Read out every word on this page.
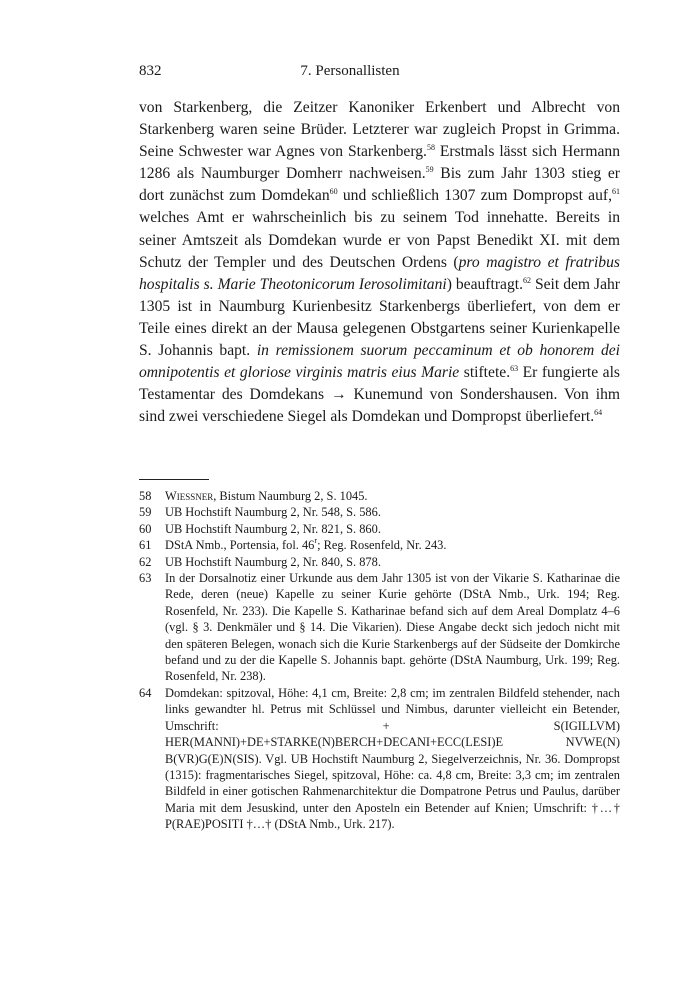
832	7. Personallisten

von Starkenberg, die Zeitzer Kanoniker Erkenbert und Albrecht von Starkenberg waren seine Brüder. Letzterer war zugleich Propst in Grimma. Seine Schwester war Agnes von Starkenberg.$^{58}$ Erstmals lässt sich Hermann 1286 als Naumburger Domherr nachweisen.$^{59}$ Bis zum Jahr 1303 stieg er dort zunächst zum Domdekan$^{60}$ und schließlich 1307 zum Dompropst auf,$^{61}$ welches Amt er wahrscheinlich bis zu seinem Tod innehatte. Bereits in seiner Amtszeit als Domdekan wurde er von Papst Benedikt XI. mit dem Schutz der Templer und des Deutschen Ordens (pro magistro et fratribus hospitalis s. Marie Theotonicorum Ierosolimitani) beauftragt.$^{62}$ Seit dem Jahr 1305 ist in Naumburg Kurienbesitz Starkenbergs überliefert, von dem er Teile eines direkt an der Mausa gelegenen Obstgartens seiner Kurienkapelle S. Johannis bapt. in remissionem suorum peccaminum et ob honorem dei omnipotentis et gloriose virginis matris eius Marie stiftete.$^{63}$ Er fungierte als Testamentar des Domdekans → Kunemund von Sondershausen. Von ihm sind zwei verschiedene Siegel als Domdekan und Dompropst überliefert.$^{64}$

58 Wiessner, Bistum Naumburg 2, S. 1045.
59 UB Hochstift Naumburg 2, Nr. 548, S. 586.
60 UB Hochstift Naumburg 2, Nr. 821, S. 860.
61 DStA Nmb., Portensia, fol. 46$^r$; Reg. Rosenfeld, Nr. 243.
62 UB Hochstift Naumburg 2, Nr. 840, S. 878.
63 In der Dorsalnotiz einer Urkunde aus dem Jahr 1305 ist von der Vikarie S. Katharinae die Rede, deren (neue) Kapelle zu seiner Kurie gehörte (DStA Nmb., Urk. 194; Reg. Rosenfeld, Nr. 233). Die Kapelle S. Katharinae befand sich auf dem Areal Domplatz 4–6 (vgl. § 3. Denkmäler und § 14. Die Vikarien). Diese Angabe deckt sich jedoch nicht mit den späteren Belegen, wonach sich die Kurie Starkenbergs auf der Südseite der Domkirche befand und zu der die Kapelle S. Johannis bapt. gehörte (DStA Naumburg, Urk. 199; Reg. Rosenfeld, Nr. 238).
64 Domdekan: spitzoval, Höhe: 4,1 cm, Breite: 2,8 cm; im zentralen Bildfeld stehender, nach links gewandter hl. Petrus mit Schlüssel und Nimbus, darunter vielleicht ein Betender, Umschrift: + S(IGILLVM) HER(MANNI)+DE+STARKE(N)BERCH+DECANI+ECC(LESI)E NVWE(N) B(VR)G(E)N(SIS). Vgl. UB Hochstift Naumburg 2, Siegelverzeichnis, Nr. 36. Dompropst (1315): fragmentarisches Siegel, spitzoval, Höhe: ca. 4,8 cm, Breite: 3,3 cm; im zentralen Bildfeld in einer gotischen Rahmenarchitektur die Dompatrone Petrus und Paulus, darüber Maria mit dem Jesuskind, unter den Aposteln ein Betender auf Knien; Umschrift: †…† P(RAE)POSITI †…† (DStA Nmb., Urk. 217).
